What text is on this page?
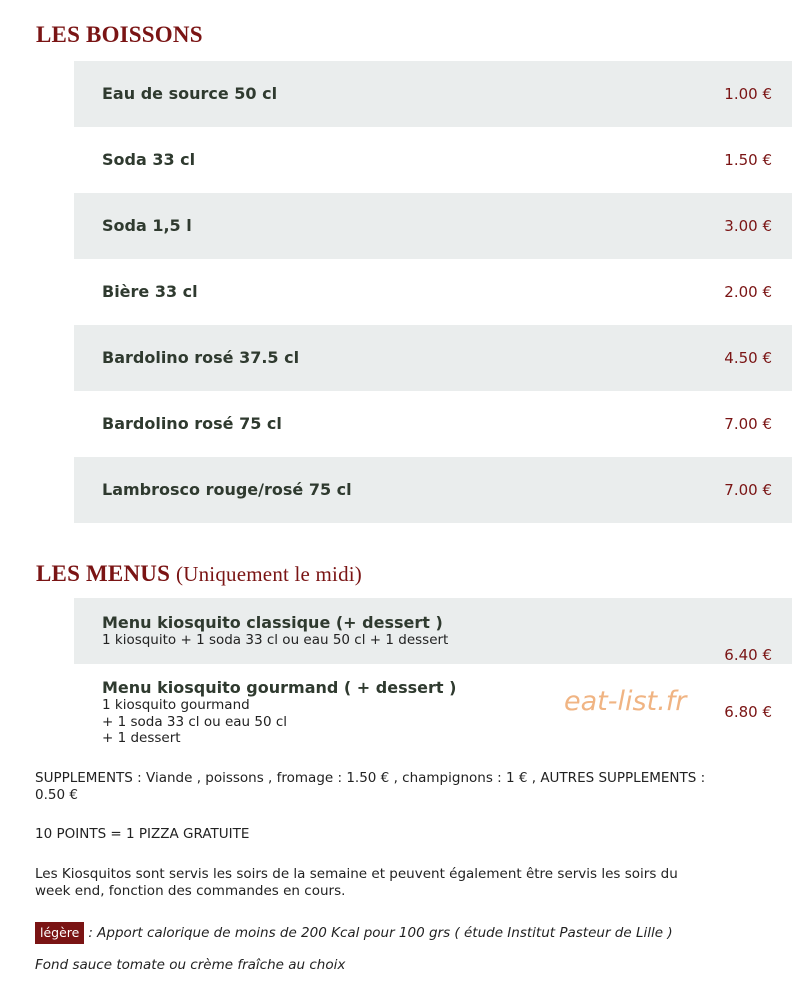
LES BOISSONS
Eau de source 50 cl	1.00 €
Soda 33 cl	1.50 €
Soda 1,5 l	3.00 €
Bière 33 cl	2.00 €
Bardolino rosé 37.5 cl	4.50 €
Bardolino rosé 75 cl	7.00 €
Lambrosco rouge/rosé 75 cl	7.00 €
LES MENUS (Uniquement le midi)
Menu kiosquito classique (+ dessert )
1 kiosquito + 1 soda 33 cl ou eau 50 cl + 1 dessert
6.40 €
Menu kiosquito gourmand ( + dessert )
1 kiosquito gourmand
+ 1 soda 33 cl ou eau 50 cl
+ 1 dessert
6.80 €
eat-list.fr
SUPPLEMENTS : Viande , poissons , fromage : 1.50 € , champignons : 1 € , AUTRES SUPPLEMENTS :
0.50 €
10 POINTS = 1 PIZZA GRATUITE
Les Kiosquitos sont servis les soirs de la semaine et peuvent également être servis les soirs du
week end, fonction des commandes en cours.
légère : Apport calorique de moins de 200 Kcal pour 100 grs ( étude Institut Pasteur de Lille )
Fond sauce tomate ou crème fraîche au choix
